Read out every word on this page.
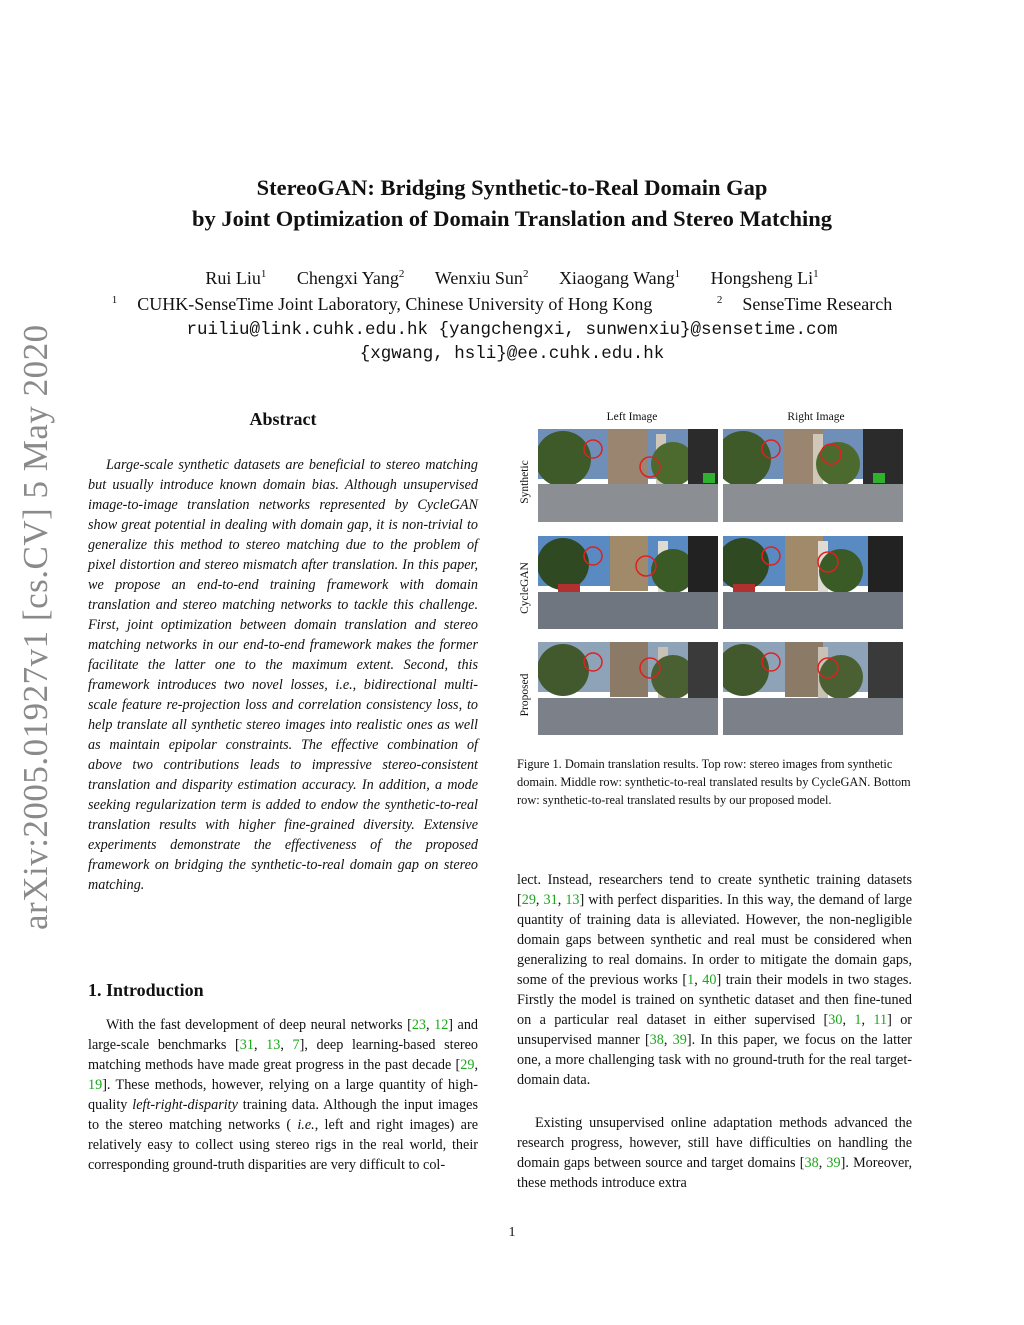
arXiv:2005.01927v1 [cs.CV] 5 May 2020
StereoGAN: Bridging Synthetic-to-Real Domain Gap
by Joint Optimization of Domain Translation and Stereo Matching
Rui Liu$^1$ Chengxi Yang$^2$ Wenxiu Sun$^2$ Xiaogang Wang$^1$ Hongsheng Li$^1$
$^1$ CUHK-SenseTime Joint Laboratory, Chinese University of Hong Kong	$^2$ SenseTime Research
ruiliu@link.cuhk.edu.hk {yangchengxi, sunwenxiu}@sensetime.com
{xgwang, hsli}@ee.cuhk.edu.hk
Abstract

Large-scale synthetic datasets are beneficial to stereo matching but usually introduce known domain bias. Although unsupervised image-to-image translation networks represented by CycleGAN show great potential in dealing with domain gap, it is non-trivial to generalize this method to stereo matching due to the problem of pixel distortion and stereo mismatch after translation. In this paper, we propose an end-to-end training framework with domain translation and stereo matching networks to tackle this challenge. First, joint optimization between domain translation and stereo matching networks in our end-to-end framework makes the former facilitate the latter one to the maximum extent. Second, this framework introduces two novel losses, i.e., bidirectional multi-scale feature re-projection loss and correlation consistency loss, to help translate all synthetic stereo images into realistic ones as well as maintain epipolar constraints. The effective combination of above two contributions leads to impressive stereo-consistent translation and disparity estimation accuracy. In addition, a mode seeking regularization term is added to endow the synthetic-to-real translation results with higher fine-grained diversity. Extensive experiments demonstrate the effectiveness of the proposed framework on bridging the synthetic-to-real domain gap on stereo matching.

1. Introduction

With the fast development of deep neural networks [23, 12] and large-scale benchmarks [31, 13, 7], deep learning-based stereo matching methods have made great progress in the past decade [29, 19]. These methods, however, relying on a large quantity of high-quality left-right-disparity training data. Although the input images to the stereo matching networks ( i.e., left and right images) are relatively easy to collect using stereo rigs in the real world, their corresponding ground-truth disparities are very difficult to col-

Left Image	Right Image
Synthetic
CycleGAN
Proposed

Figure 1. Domain translation results. Top row: stereo images from synthetic domain. Middle row: synthetic-to-real translated results by CycleGAN. Bottom row: synthetic-to-real translated results by our proposed model.

lect. Instead, researchers tend to create synthetic training datasets [29, 31, 13] with perfect disparities. In this way, the demand of large quantity of training data is alleviated. However, the non-negligible domain gaps between synthetic and real must be considered when generalizing to real domains. In order to mitigate the domain gaps, some of the previous works [1, 40] train their models in two stages. Firstly the model is trained on synthetic dataset and then fine-tuned on a particular real dataset in either supervised [30, 1, 11] or unsupervised manner [38, 39]. In this paper, we focus on the latter one, a more challenging task with no ground-truth for the real target-domain data.

Existing unsupervised online adaptation methods advanced the research progress, however, still have difficulties on handling the domain gaps between source and target domains [38, 39]. Moreover, these methods introduce extra

1
